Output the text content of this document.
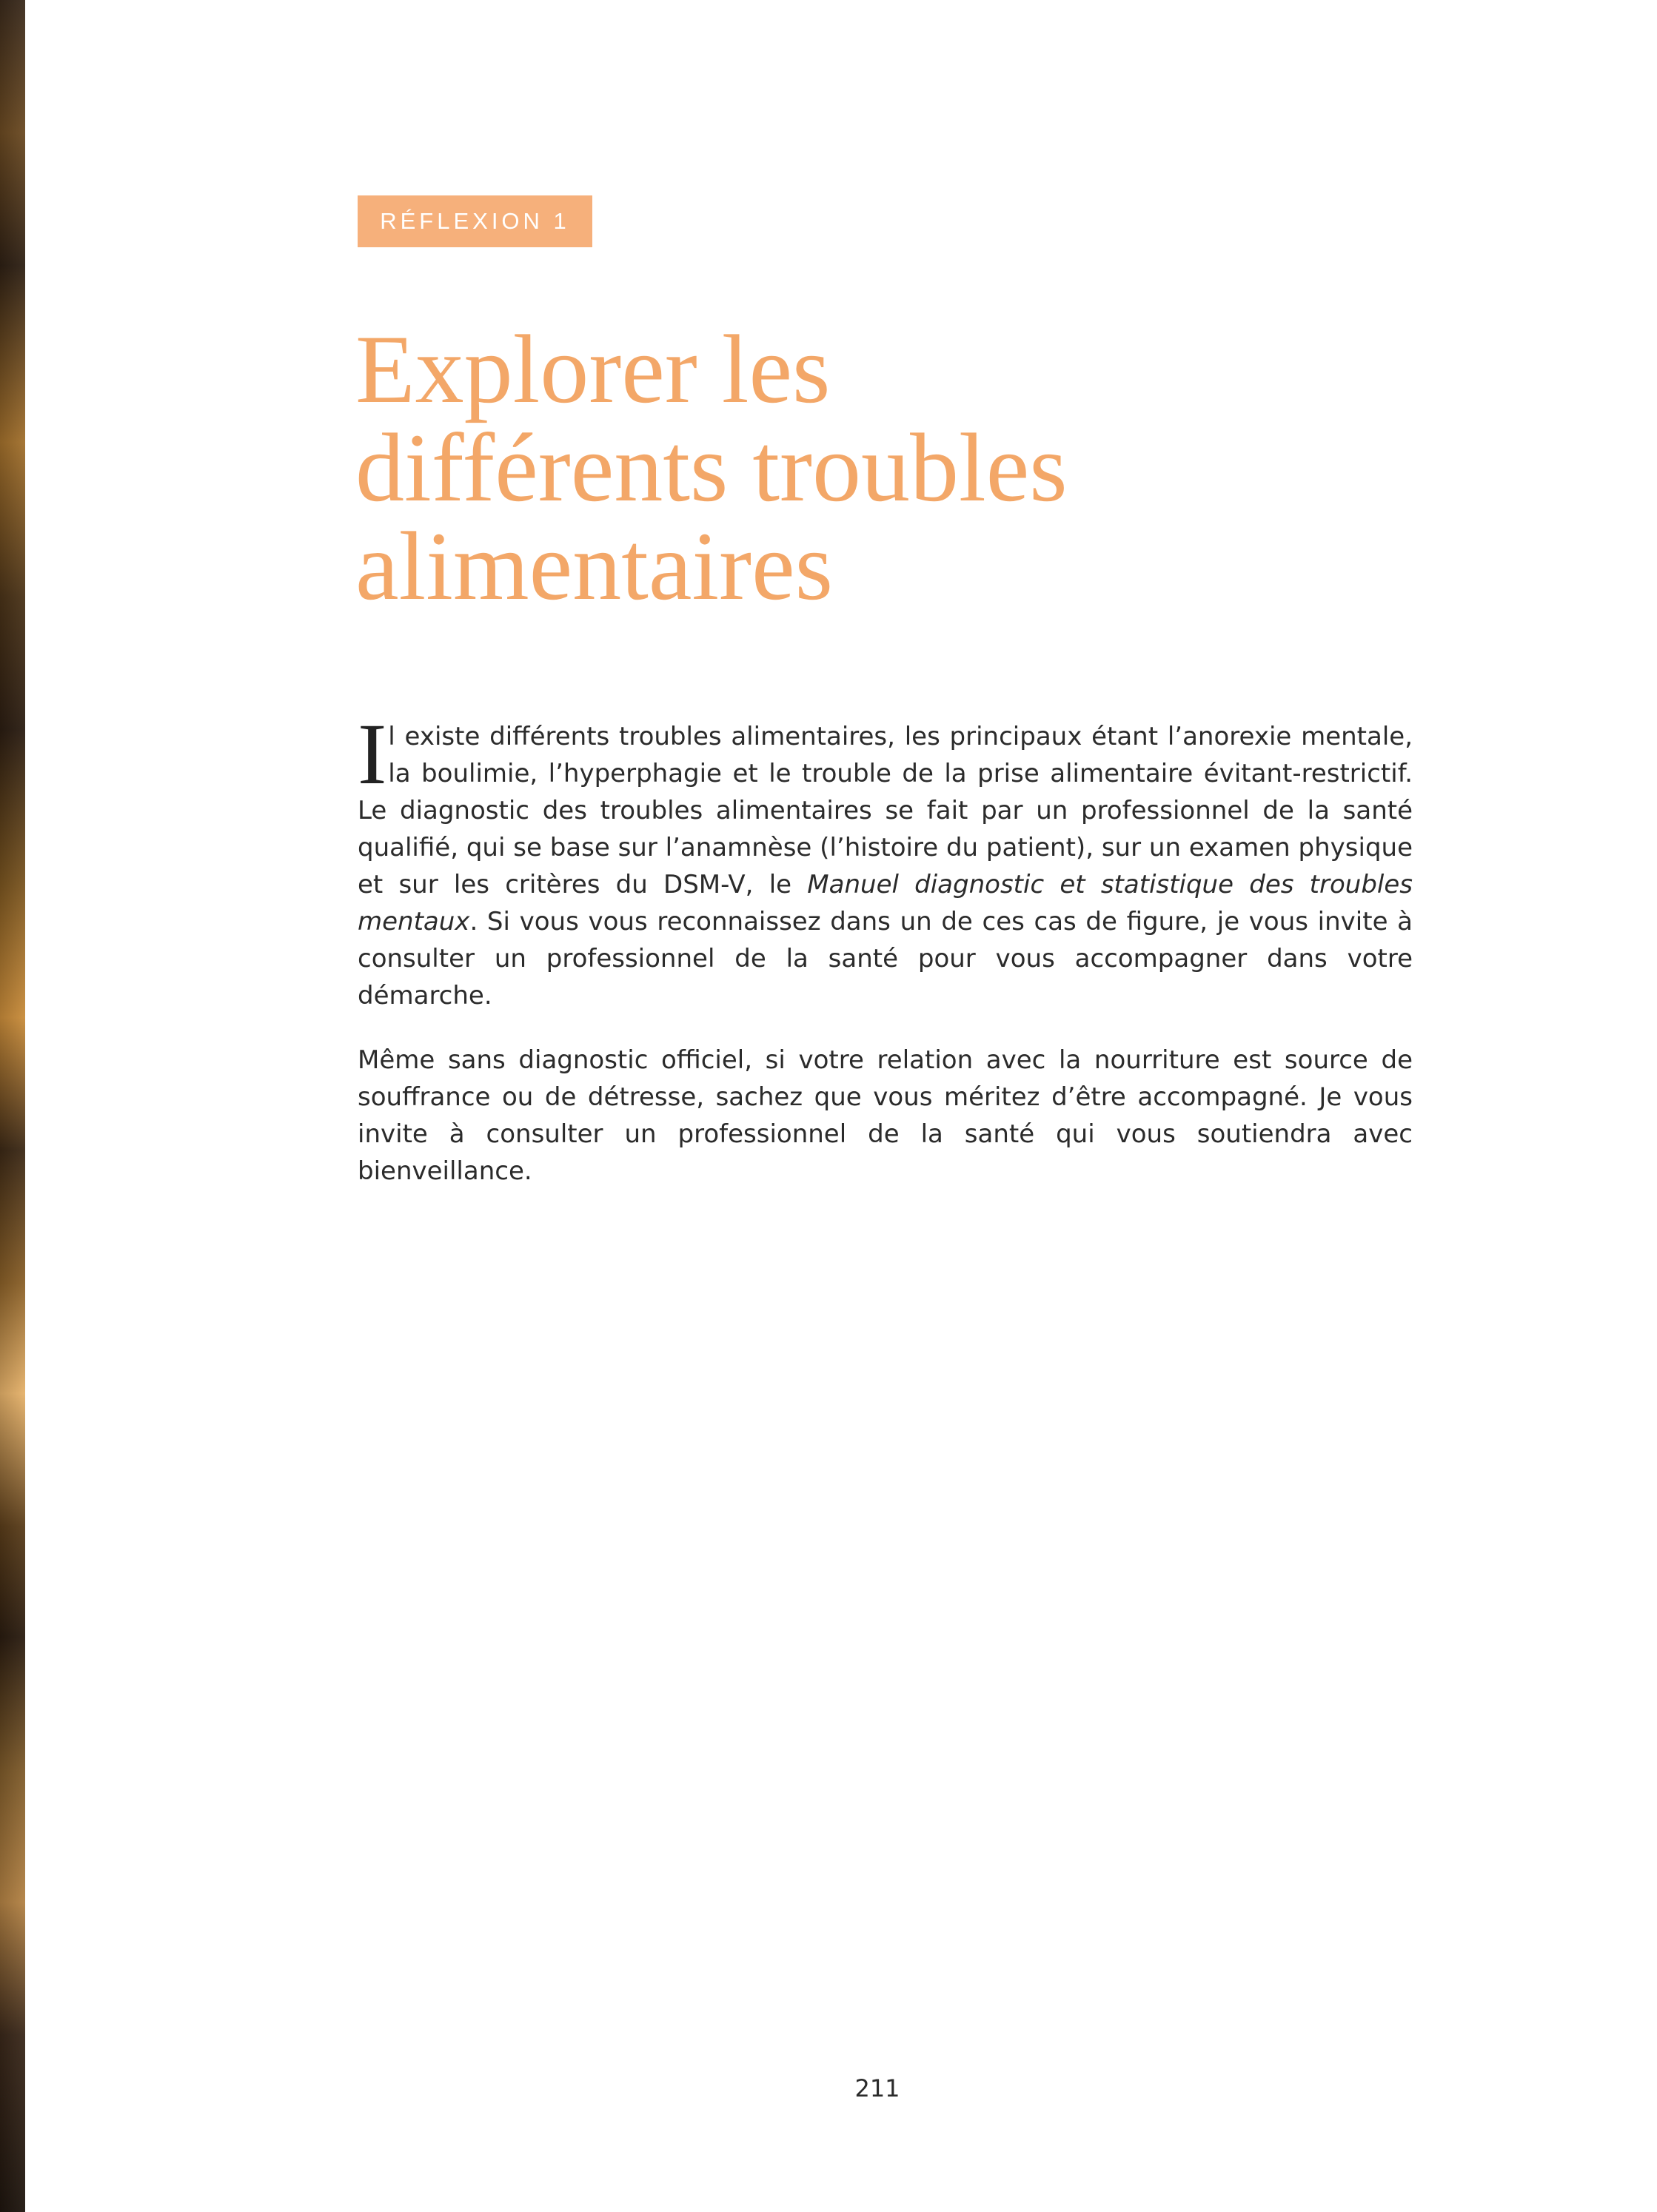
RÉFLEXION 1
Explorer les
différents troubles
alimentaires

Il existe différents troubles alimentaires, les principaux étant l’anorexie mentale, la boulimie, l’hyperphagie et le trouble de la prise alimentaire évitant-restrictif. Le diagnostic des troubles alimentaires se fait par un professionnel de la santé qualifié, qui se base sur l’anamnèse (l’histoire du patient), sur un examen physique et sur les critères du DSM-V, le Manuel diagnostic et statistique des troubles mentaux. Si vous vous reconnaissez dans un de ces cas de figure, je vous invite à consulter un professionnel de la santé pour vous accompagner dans votre démarche.

Même sans diagnostic officiel, si votre relation avec la nourriture est source de souffrance ou de détresse, sachez que vous méritez d’être accompagné. Je vous invite à consulter un professionnel de la santé qui vous soutiendra avec bienveillance.

211
